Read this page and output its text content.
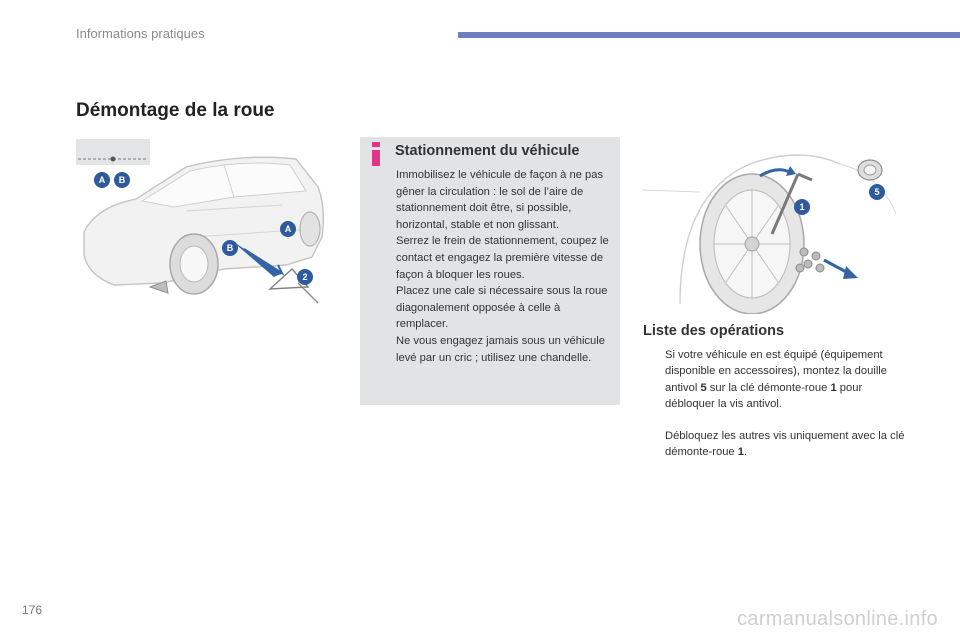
Informations pratiques
Démontage de la roue
A B
A
B
2
Stationnement du véhicule

Immobilisez le véhicule de façon à ne pas gêner la circulation : le sol de l’aire de stationnement doit être, si possible, horizontal, stable et non glissant.

Serrez le frein de stationnement, coupez le contact et engagez la première vitesse de façon à bloquer les roues.

Placez une cale si nécessaire sous la roue diagonalement opposée à celle à remplacer.

Ne vous engagez jamais sous un véhicule levé par un cric ; utilisez une chandelle.

1
5
Liste des opérations
Si votre véhicule en est équipé (équipement disponible en accessoires), montez la douille antivol 5 sur la clé démonte-roue 1 pour débloquer la vis antivol.
Débloquez les autres vis uniquement avec la clé démonte-roue 1.
176	carmanualsonline.info
